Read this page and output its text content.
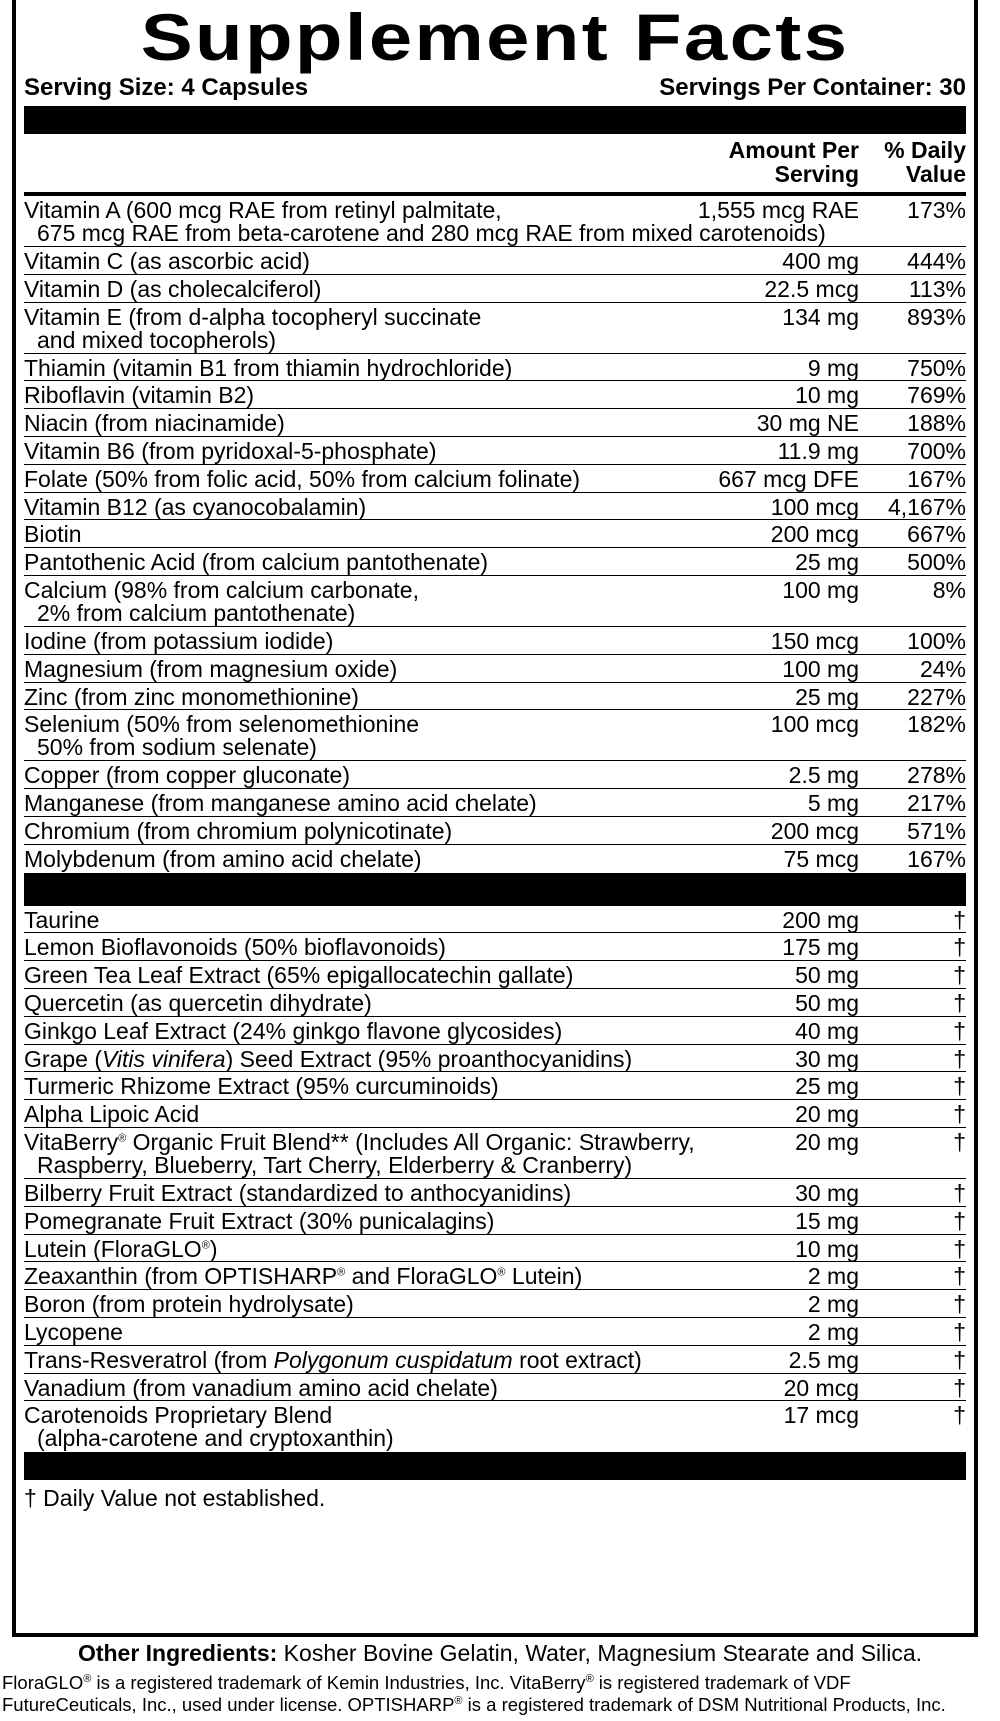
Supplement Facts
Serving Size: 4 Capsules	Servings Per Container: 30
Amount Per
Serving
% Daily
Value
Vitamin A (600 mcg RAE from retinyl palmitate,
675 mcg RAE from beta-carotene and 280 mcg RAE from mixed carotenoids)
1,555 mcg RAE 173%
Vitamin C (as ascorbic acid)	400 mg 444%
Vitamin D (as cholecalciferol)	22.5 mcg 113%
Vitamin E (from d-alpha tocopheryl succinate
and mixed tocopherols)
134 mg 893%
Thiamin (vitamin B1 from thiamin hydrochloride)	9 mg 750%
Riboflavin (vitamin B2)	10 mg 769%
Niacin (from niacinamide)	30 mg NE 188%
Vitamin B6 (from pyridoxal-5-phosphate)	11.9 mg 700%
Folate (50% from folic acid, 50% from calcium folinate)	667 mcg DFE 167%
Vitamin B12 (as cyanocobalamin)	100 mcg 4,167%
Biotin	200 mcg 667%
Pantothenic Acid (from calcium pantothenate)	25 mg 500%
Calcium (98% from calcium carbonate,
2% from calcium pantothenate)
100 mg	8%
Iodine (from potassium iodide)	150 mcg 100%
Magnesium (from magnesium oxide)	100 mg	24%
Zinc (from zinc monomethionine)	25 mg 227%
Selenium (50% from selenomethionine
50% from sodium selenate)
100 mcg 182%
Copper (from copper gluconate)	2.5 mg 278%
Manganese (from manganese amino acid chelate)	5 mg 217%
Chromium (from chromium polynicotinate)	200 mcg 571%
Molybdenum (from amino acid chelate)	75 mcg 167%
Taurine	200 mg	†
Lemon Bioflavonoids (50% bioflavonoids)	175 mg	†
Green Tea Leaf Extract (65% epigallocatechin gallate)	50 mg	†
Quercetin (as quercetin dihydrate)	50 mg	†
Ginkgo Leaf Extract (24% ginkgo flavone glycosides)	40 mg	†
Grape (Vitis vinifera) Seed Extract (95% proanthocyanidins)	30 mg	†
Turmeric Rhizome Extract (95% curcuminoids)	25 mg	†
Alpha Lipoic Acid	20 mg	†
VitaBerry® Organic Fruit Blend** (Includes All Organic: Strawberry,
Raspberry, Blueberry, Tart Cherry, Elderberry & Cranberry)
20 mg	†
Bilberry Fruit Extract (standardized to anthocyanidins)	30 mg	†
Pomegranate Fruit Extract (30% punicalagins)	15 mg	†
Lutein (FloraGLO®)	10 mg	†
Zeaxanthin (from OPTISHARP® and FloraGLO® Lutein)	2 mg	†
Boron (from protein hydrolysate)	2 mg	†
Lycopene	2 mg	†
Trans-Resveratrol (from Polygonum cuspidatum root extract)	2.5 mg	†
Vanadium (from vanadium amino acid chelate)	20 mcg	†
Carotenoids Proprietary Blend
(alpha-carotene and cryptoxanthin)
17 mcg	†
† Daily Value not established.
Other Ingredients: Kosher Bovine Gelatin, Water, Magnesium Stearate and Silica.
FloraGLO® is a registered trademark of Kemin Industries, Inc. VitaBerry® is registered trademark of VDF
FutureCeuticals, Inc., used under license. OPTISHARP® is a registered trademark of DSM Nutritional Products, Inc.
